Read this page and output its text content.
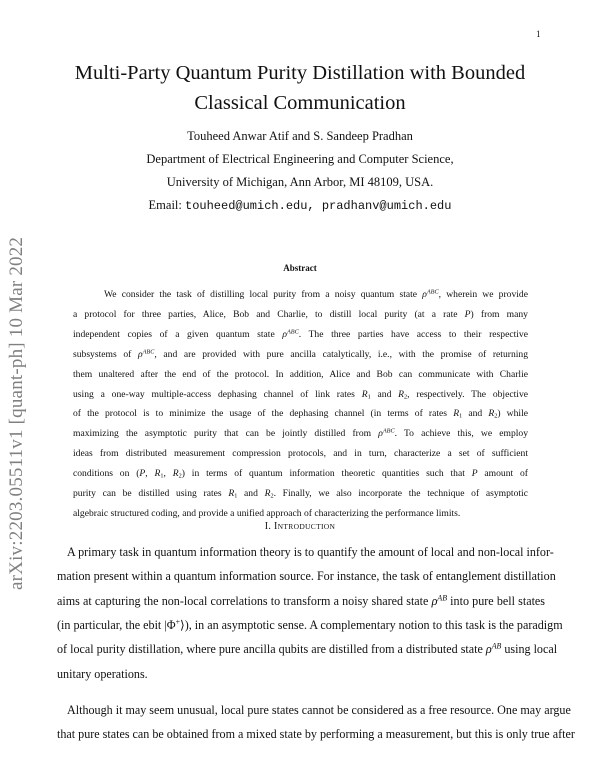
1
arXiv:2203.05511v1 [quant-ph] 10 Mar 2022
Multi-Party Quantum Purity Distillation with Bounded
Classical Communication
Touheed Anwar Atif and S. Sandeep Pradhan
Department of Electrical Engineering and Computer Science,
University of Michigan, Ann Arbor, MI 48109, USA.
Email: touheed@umich.edu, pradhanv@umich.edu
Abstract
We consider the task of distilling local purity from a noisy quantum state $\rho^{ABC}$, wherein we provide
a protocol for three parties, Alice, Bob and Charlie, to distill local purity (at a rate P) from many
independent copies of a given quantum state $\rho^{ABC}$. The three parties have access to their respective
subsystems of $\rho^{ABC}$, and are provided with pure ancilla catalytically, i.e., with the promise of returning
them unaltered after the end of the protocol. In addition, Alice and Bob can communicate with Charlie
using a one-way multiple-access dephasing channel of link rates $R_1$ and $R_2$, respectively. The objective
of the protocol is to minimize the usage of the dephasing channel (in terms of rates $R_1$ and $R_2$) while
maximizing the asymptotic purity that can be jointly distilled from $\rho^{ABC}$. To achieve this, we employ
ideas from distributed measurement compression protocols, and in turn, characterize a set of sufficient
conditions on (P, $R_1$, $R_2$) in terms of quantum information theoretic quantities such that P amount of
purity can be distilled using rates $R_1$ and $R_2$. Finally, we also incorporate the technique of asymptotic
algebraic structured coding, and provide a unified approach of characterizing the performance limits.
I. INTRODUCTION
A primary task in quantum information theory is to quantify the amount of local and non-local infor-
mation present within a quantum information source. For instance, the task of entanglement distillation
aims at capturing the non-local correlations to transform a noisy shared state $\rho^{AB}$ into pure bell states
(in particular, the ebit |Φ+⟩), in an asymptotic sense. A complementary notion to this task is the paradigm
of local purity distillation, where pure ancilla qubits are distilled from a distributed state $\rho^{AB}$ using local
unitary operations.
Although it may seem unusual, local pure states cannot be considered as a free resource. One may argue
that pure states can be obtained from a mixed state by performing a measurement, but this is only true after
